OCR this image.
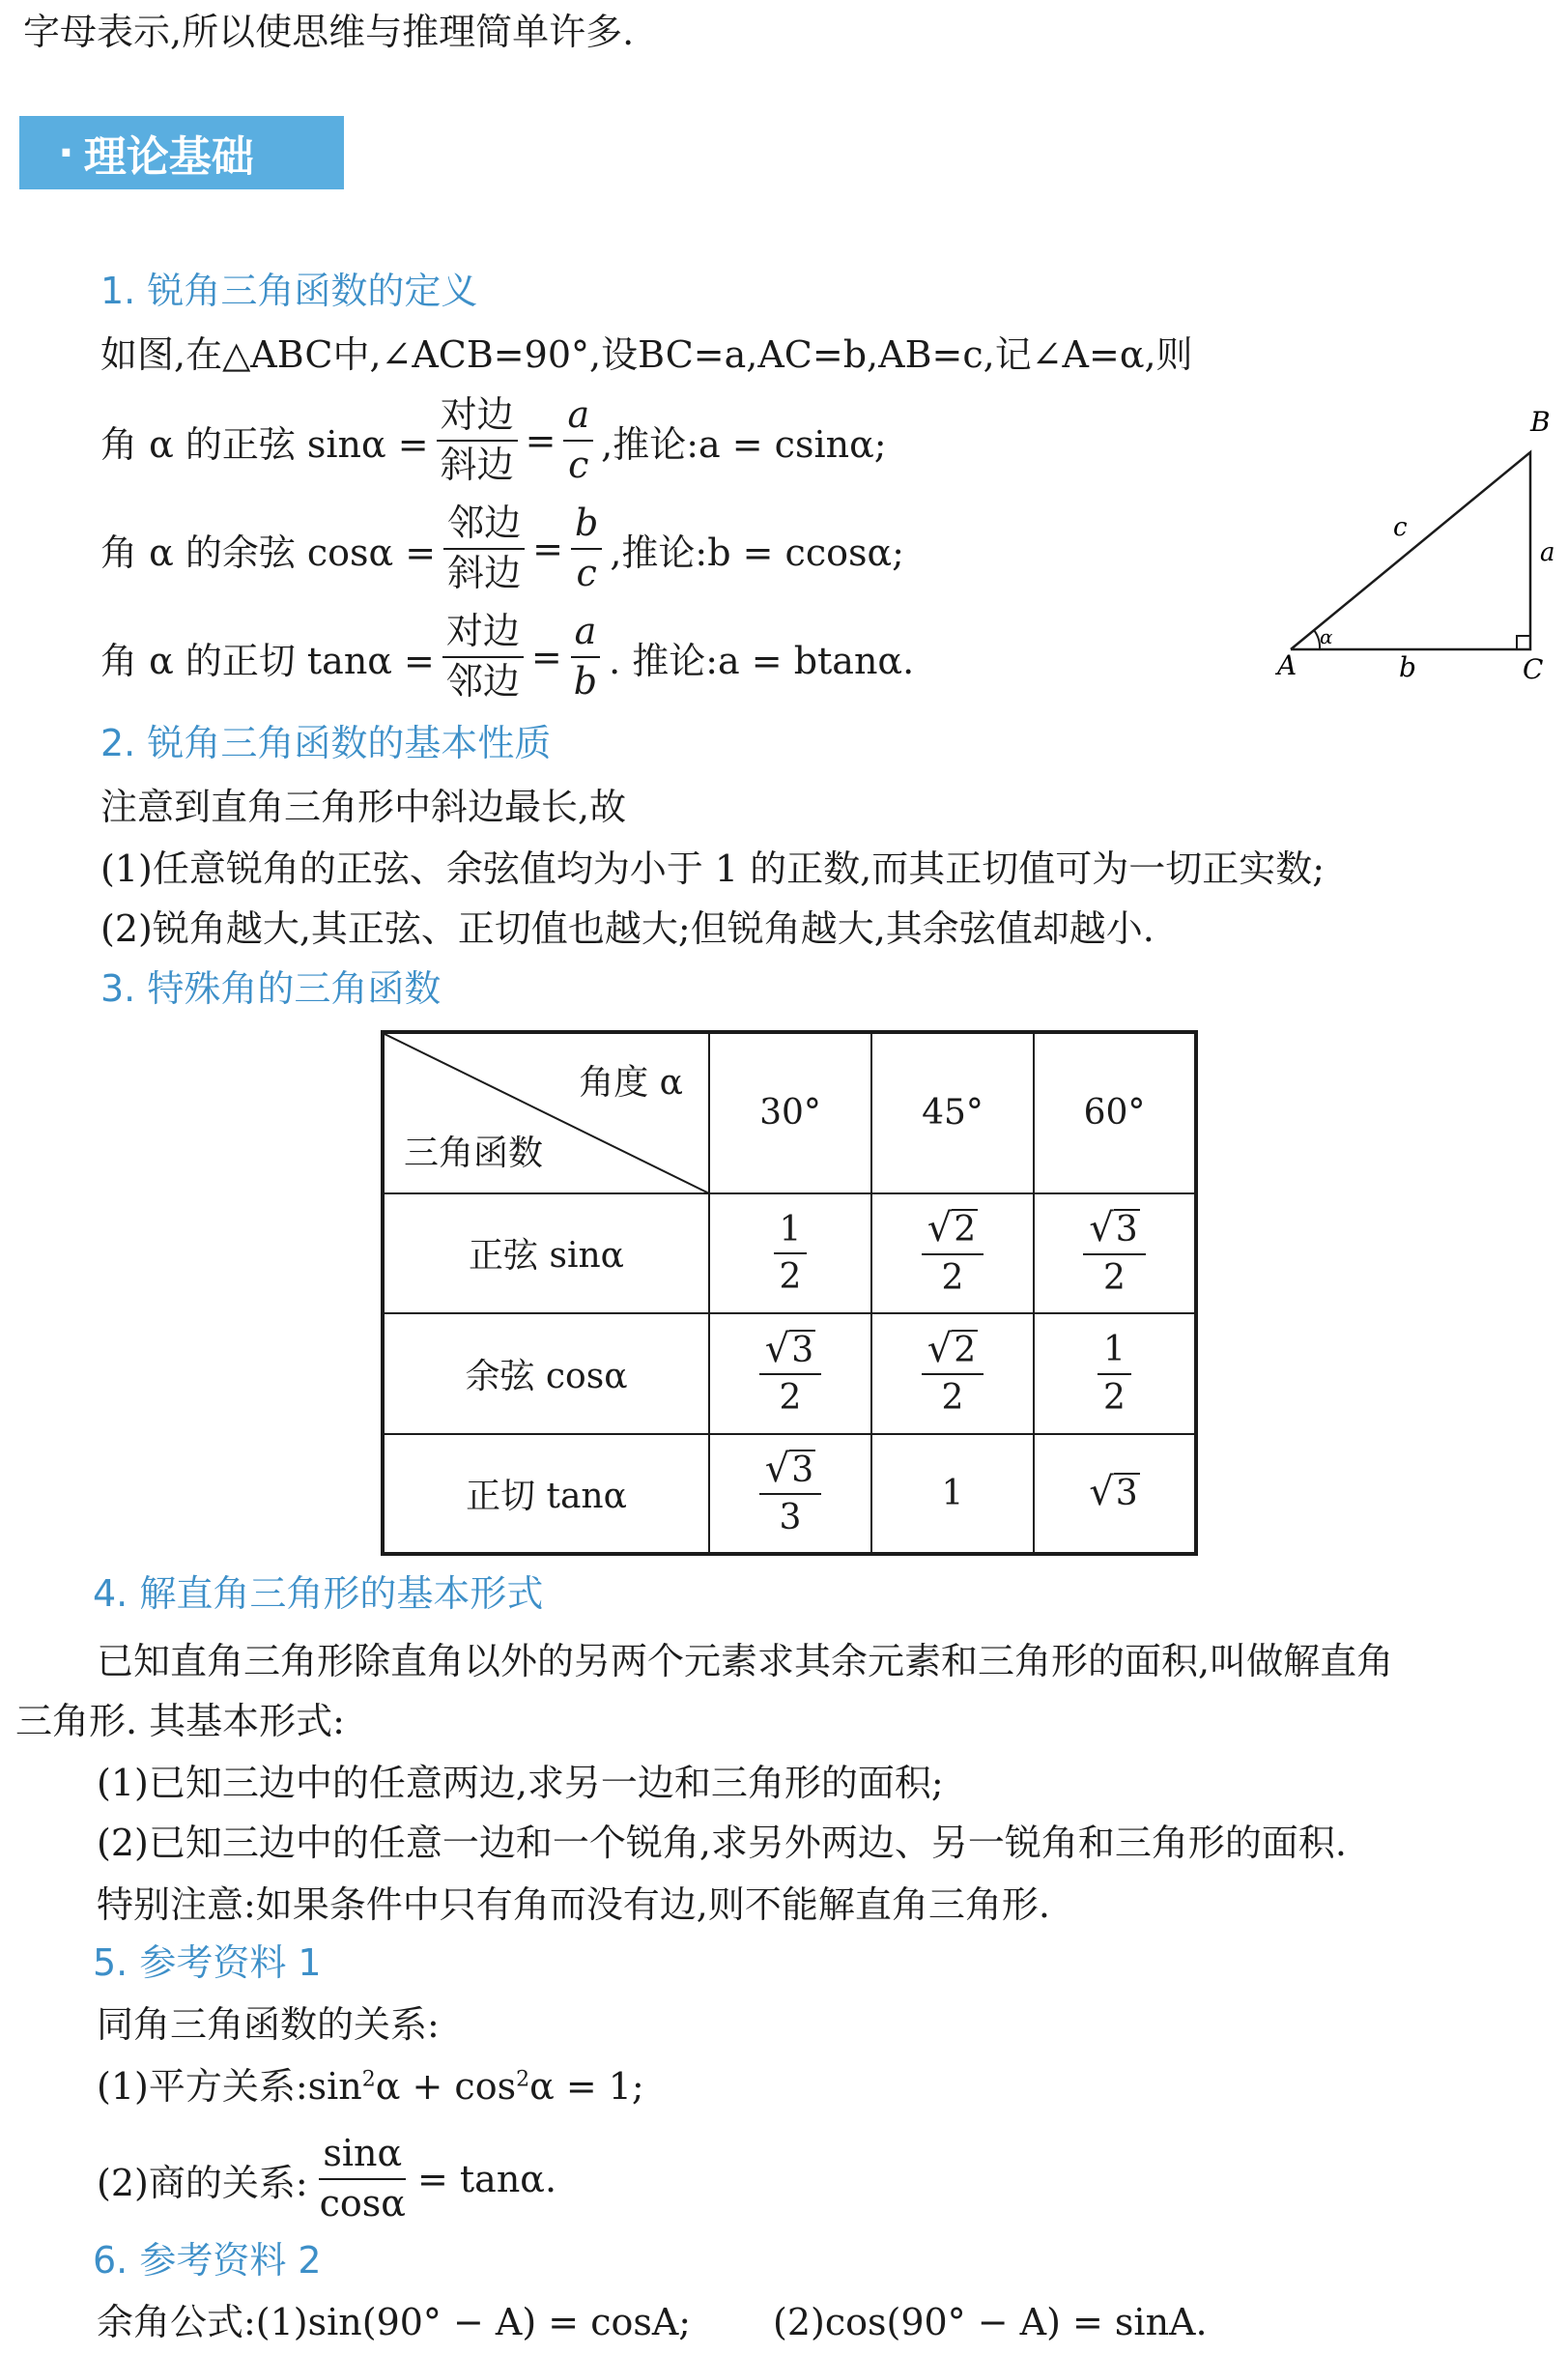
字母表示,所以使思维与推理简单许多.
· 理论基础
1. 锐角三角函数的定义
如图,在△ABC中,∠ACB=90°,设BC=a,AC=b,AB=c,记∠A=α,则
角 α 的正弦 $\sin\alpha = \frac{\text{对边}}{\text{斜边}} = \frac{a}{c}$ ,推论:a = csinα;
角 α 的余弦 $\cos\alpha = \frac{\text{邻边}}{\text{斜边}} = \frac{b}{c}$ ,推论:b = ccosα;
角 α 的正切 $\tan\alpha = \frac{\text{对边}}{\text{邻边}} = \frac{a}{b}$ . 推论:a = btanα.	A
B
C
a
b
c
α
2. 锐角三角函数的基本性质
注意到直角三角形中斜边最长,故
(1)任意锐角的正弦、余弦值均为小于 1 的正数,而其正切值可为一切正实数;
(2)锐角越大,其正弦、正切值也越大;但锐角越大,其余弦值却越小.
3. 特殊角的三角函数
角度 α
三角函数	30°	45°	60°
正弦 sinα	$\frac{1}{2}$	$\frac{√ 2}{2}$	$\frac{√ 3}{2}$

余弦 cosα	$\frac{√ 3}{2}$	$\frac{√ 2}{2}$	$\frac{1}{2}$

正切 tanα	$\frac{√ 3}{3}$	1	√ 3
4. 解直角三角形的基本形式
已知直角三角形除直角以外的另两个元素求其余元素和三角形的面积,叫做解直角
三角形. 其基本形式:
(1)已知三边中的任意两边,求另一边和三角形的面积;
(2)已知三边中的任意一边和一个锐角,求另外两边、另一锐角和三角形的面积.
特别注意:如果条件中只有角而没有边,则不能解直角三角形.
5. 参考资料 1
同角三角函数的关系:
(1)平方关系$:\sin^2\alpha + \cos^2\alpha = 1$;
(2)商的关系: $\frac{\sin\alpha}{\cos\alpha} = \tan\alpha$.
6. 参考资料 2
余角公式:(1)sin(90° − A) = cosA; (2)cos(90° − A) = sinA.
